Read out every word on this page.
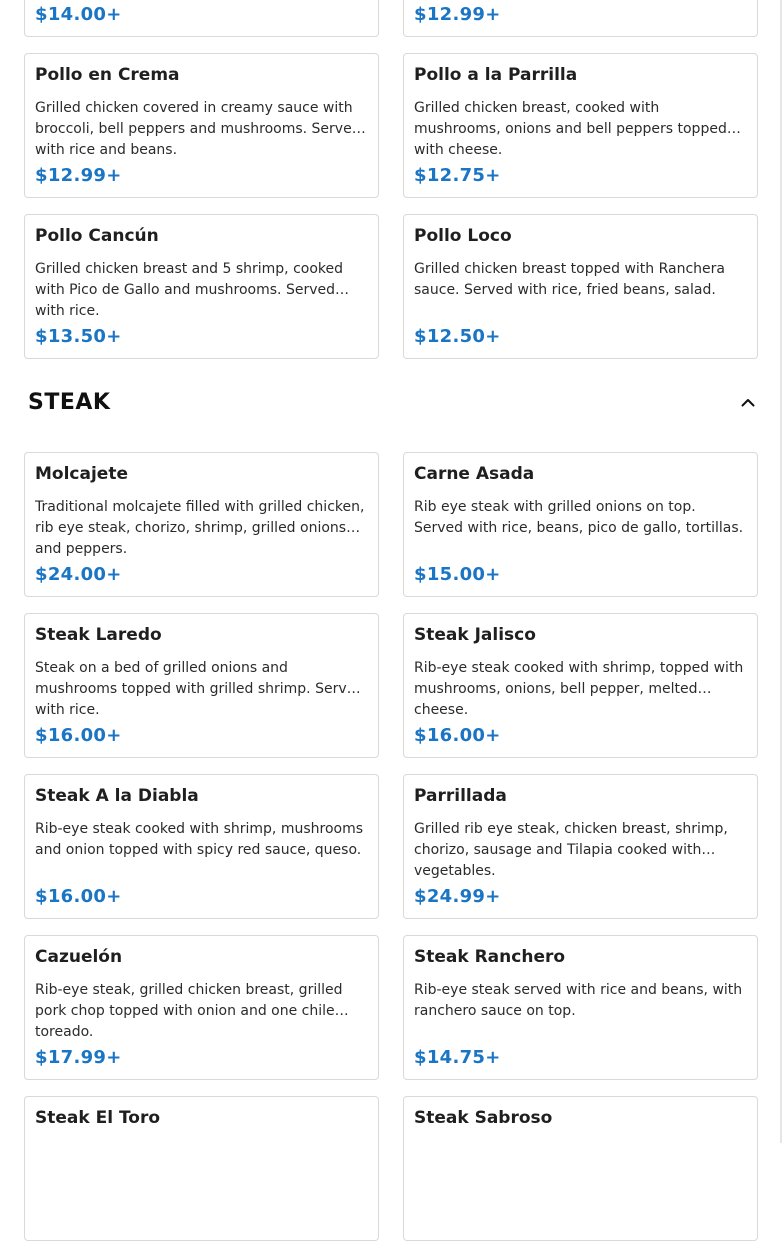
$14.00+	$12.99+
Pollo en Crema
Grilled chicken covered in creamy sauce with broccoli, bell peppers and mushrooms. Served with rice and beans.
$12.99+
Pollo a la Parrilla
Grilled chicken breast, cooked with mushrooms, onions and bell peppers topped with cheese.
$12.75+
Pollo Cancún
Grilled chicken breast and 5 shrimp, cooked with Pico de Gallo and mushrooms. Served with rice.
$13.50+
Pollo Loco
Grilled chicken breast topped with Ranchera sauce. Served with rice, fried beans, salad.
$12.50+
STEAK
Molcajete
Traditional molcajete filled with grilled chicken, rib eye steak, chorizo, shrimp, grilled onions and peppers.
$24.00+
Carne Asada
Rib eye steak with grilled onions on top. Served with rice, beans, pico de gallo, tortillas.
$15.00+
Steak Laredo
Steak on a bed of grilled onions and mushrooms topped with grilled shrimp. Served with rice.
$16.00+
Steak Jalisco
Rib-eye steak cooked with shrimp, topped with mushrooms, onions, bell pepper, melted cheese.
$16.00+
Steak A la Diabla
Rib-eye steak cooked with shrimp, mushrooms and onion topped with spicy red sauce, queso.
$16.00+
Parrillada
Grilled rib eye steak, chicken breast, shrimp, chorizo, sausage and Tilapia cooked with vegetables.
$24.99+
Cazuelón
Rib-eye steak, grilled chicken breast, grilled pork chop topped with onion and one chile toreado.
$17.99+
Steak Ranchero
Rib-eye steak served with rice and beans, with ranchero sauce on top.
$14.75+
Steak El Toro	Steak Sabroso
